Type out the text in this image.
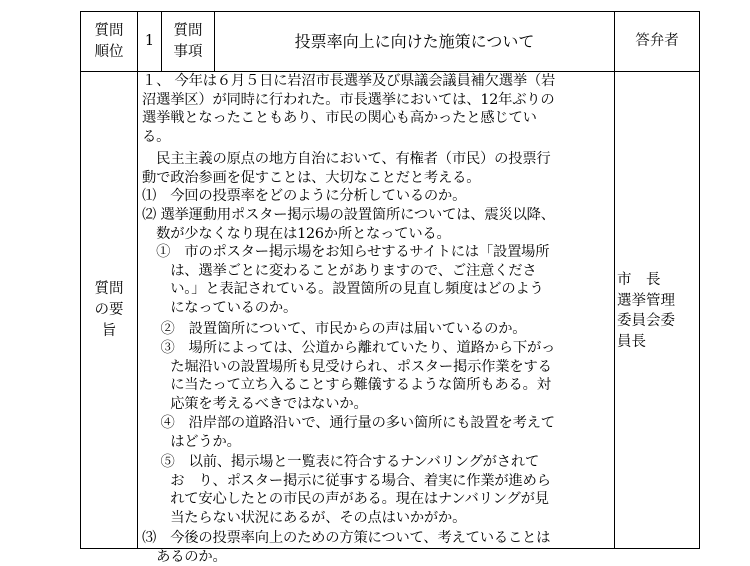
質問
順位
1
質問
事項
投票率向上に向けた施策について	答弁者
質問
の要
旨
１、 今年は６月５日に岩沼市長選挙及び県議会議員補欠選挙（岩
沼選挙区）が同時に行われた。市長選挙においては、12年ぶりの
選挙戦となったこともあり、市民の関心も高かったと感じてい
る。
　民主主義の原点の地方自治において、有権者（市民）の投票行
動で政治参画を促すことは、大切なことだと考える。
⑴　今回の投票率をどのように分析しているのか。
⑵ 選挙運動用ポスター掲示場の設置箇所については、震災以降、
　数が少なくなり現在は126か所となっている。
　①　市のポスター掲示場をお知らせするサイトには「設置場所
　　は、選挙ごとに変わることがありますので、ご注意くださ
　　い。」と表記されている。設置箇所の見直し頻度はどのよう
　　になっているのか。
　 ②　設置箇所について、市民からの声は届いているのか。
　 ③　場所によっては、公道から離れていたり、道路から下がっ
　　た堀沿いの設置場所も見受けられ、ポスター掲示作業をする
　　に当たって立ち入ることすら難儀するような箇所もある。対
　　応策を考えるべきではないか。
　 ④　沿岸部の道路沿いで、通行量の多い箇所にも設置を考えて
　　はどうか。
　 ⑤　以前、掲示場と一覧表に符合するナンバリングがされて
　　お　り、ポスター掲示に従事する場合、着実に作業が進めら
　　れて安心したとの市民の声がある。現在はナンバリングが見
　　当たらない状況にあるが、その点はいかがか。
⑶　今後の投票率向上のための方策について、考えていることは
　あるのか。
市　長
選挙管理
委員会委
員長
